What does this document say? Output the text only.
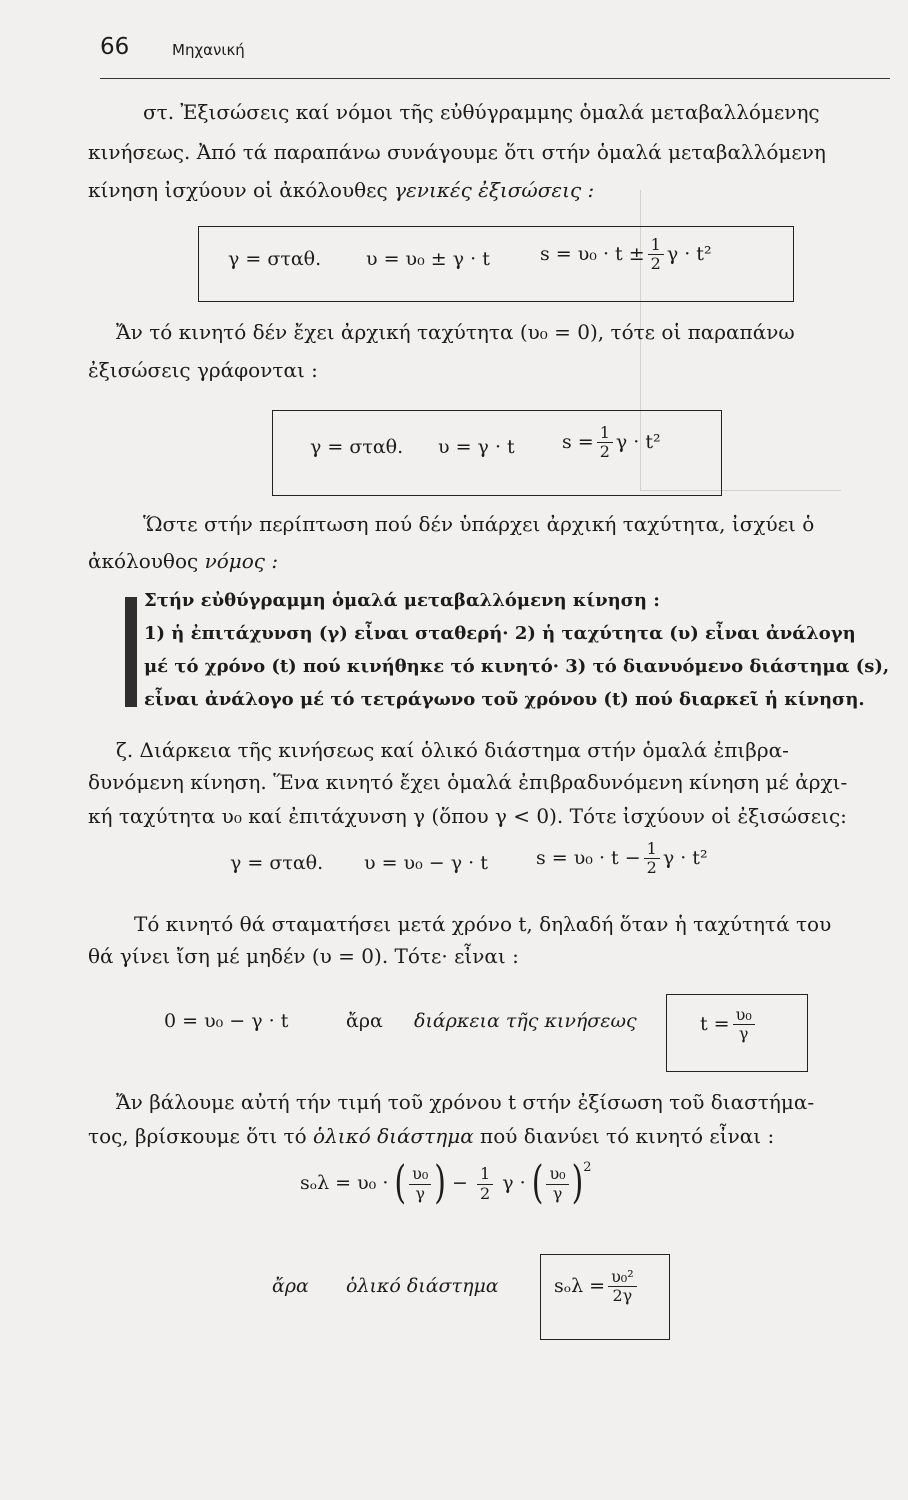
66	Μηχανική
στ. Ἐξισώσεις καί νόμοι τῆς εὐθύγραμμης ὁμαλά μεταβαλλόμενης
κινήσεως. Ἀπό τά παραπάνω συνάγουμε ὅτι στήν ὁμαλά μεταβαλλόμενη
κίνηση ἰσχύουν οἱ ἀκόλουθες γενικές ἐξισώσεις :
γ = σταθ. υ = υ₀ ± γ · t	$s = \upsilon_0 \cdot t \pm \frac{1}{2}$ γ · t²
Ἄν τό κινητό δέν ἔχει ἀρχική ταχύτητα (υ₀ = 0), τότε οἱ παραπάνω
ἐξισώσεις γράφονται :
γ = σταθ. υ = γ · t $s = \frac{1}{2}$ γ · t²
Ὥστε στήν περίπτωση πού δέν ὑπάρχει ἀρχική ταχύτητα, ἰσχύει ὁ
ἀκόλουθος νόμος :
Στήν εὐθύγραμμη ὁμαλά μεταβαλλόμενη κίνηση :
1) ἡ ἐπιτάχυνση (γ) εἶναι σταθερή· 2) ἡ ταχύτητα (υ) εἶναι ἀνάλογη
μέ τό χρόνο (t) πού κινήθηκε τό κινητό· 3) τό διανυόμενο διάστημα (s),
εἶναι ἀνάλογο μέ τό τετράγωνο τοῦ χρόνου (t) πού διαρκεῖ ἡ κίνηση.
ζ. Διάρκεια τῆς κινήσεως καί ὁλικό διάστημα στήν ὁμαλά ἐπιβρα-
δυνόμενη κίνηση. Ἕνα κινητό ἔχει ὁμαλά ἐπιβραδυνόμενη κίνηση μέ ἀρχι-
κή ταχύτητα υ₀ καί ἐπιτάχυνση γ (ὅπου γ < 0). Τότε ἰσχύουν οἱ ἐξισώσεις:
γ = σταθ. υ = υ₀ − γ · t	$s = \upsilon_0 \cdot t - \frac{1}{2}$ γ · t²
Τό κινητό θά σταματήσει μετά χρόνο t, δηλαδή ὅταν ἡ ταχύτητά του
θά γίνει ἴση μέ μηδέν (υ = 0). Τότε· εἶναι :
0 = υ₀ − γ · t	ἄρα διάρκεια τῆς κινήσεως	$t = \frac{\text{υ₀}}{\gamma}$
Ἄν βάλουμε αὐτή τήν τιμή τοῦ χρόνου t στήν ἐξίσωση τοῦ διαστήμα-
τος, βρίσκουμε ὅτι τό ὁλικό διάστημα πού διανύει τό κινητό εἶναι :
sₒλ = υ₀ · ( $\frac{\text{υ₀}}{\gamma}$ ) − $\frac{1}{2}$ γ · ( $\frac{\text{υ₀}}{\gamma} )^2$
ἄρα ὁλικό διάστημα	$s_o\lambda = \frac{\text{υ₀²}}{2\gamma}$
